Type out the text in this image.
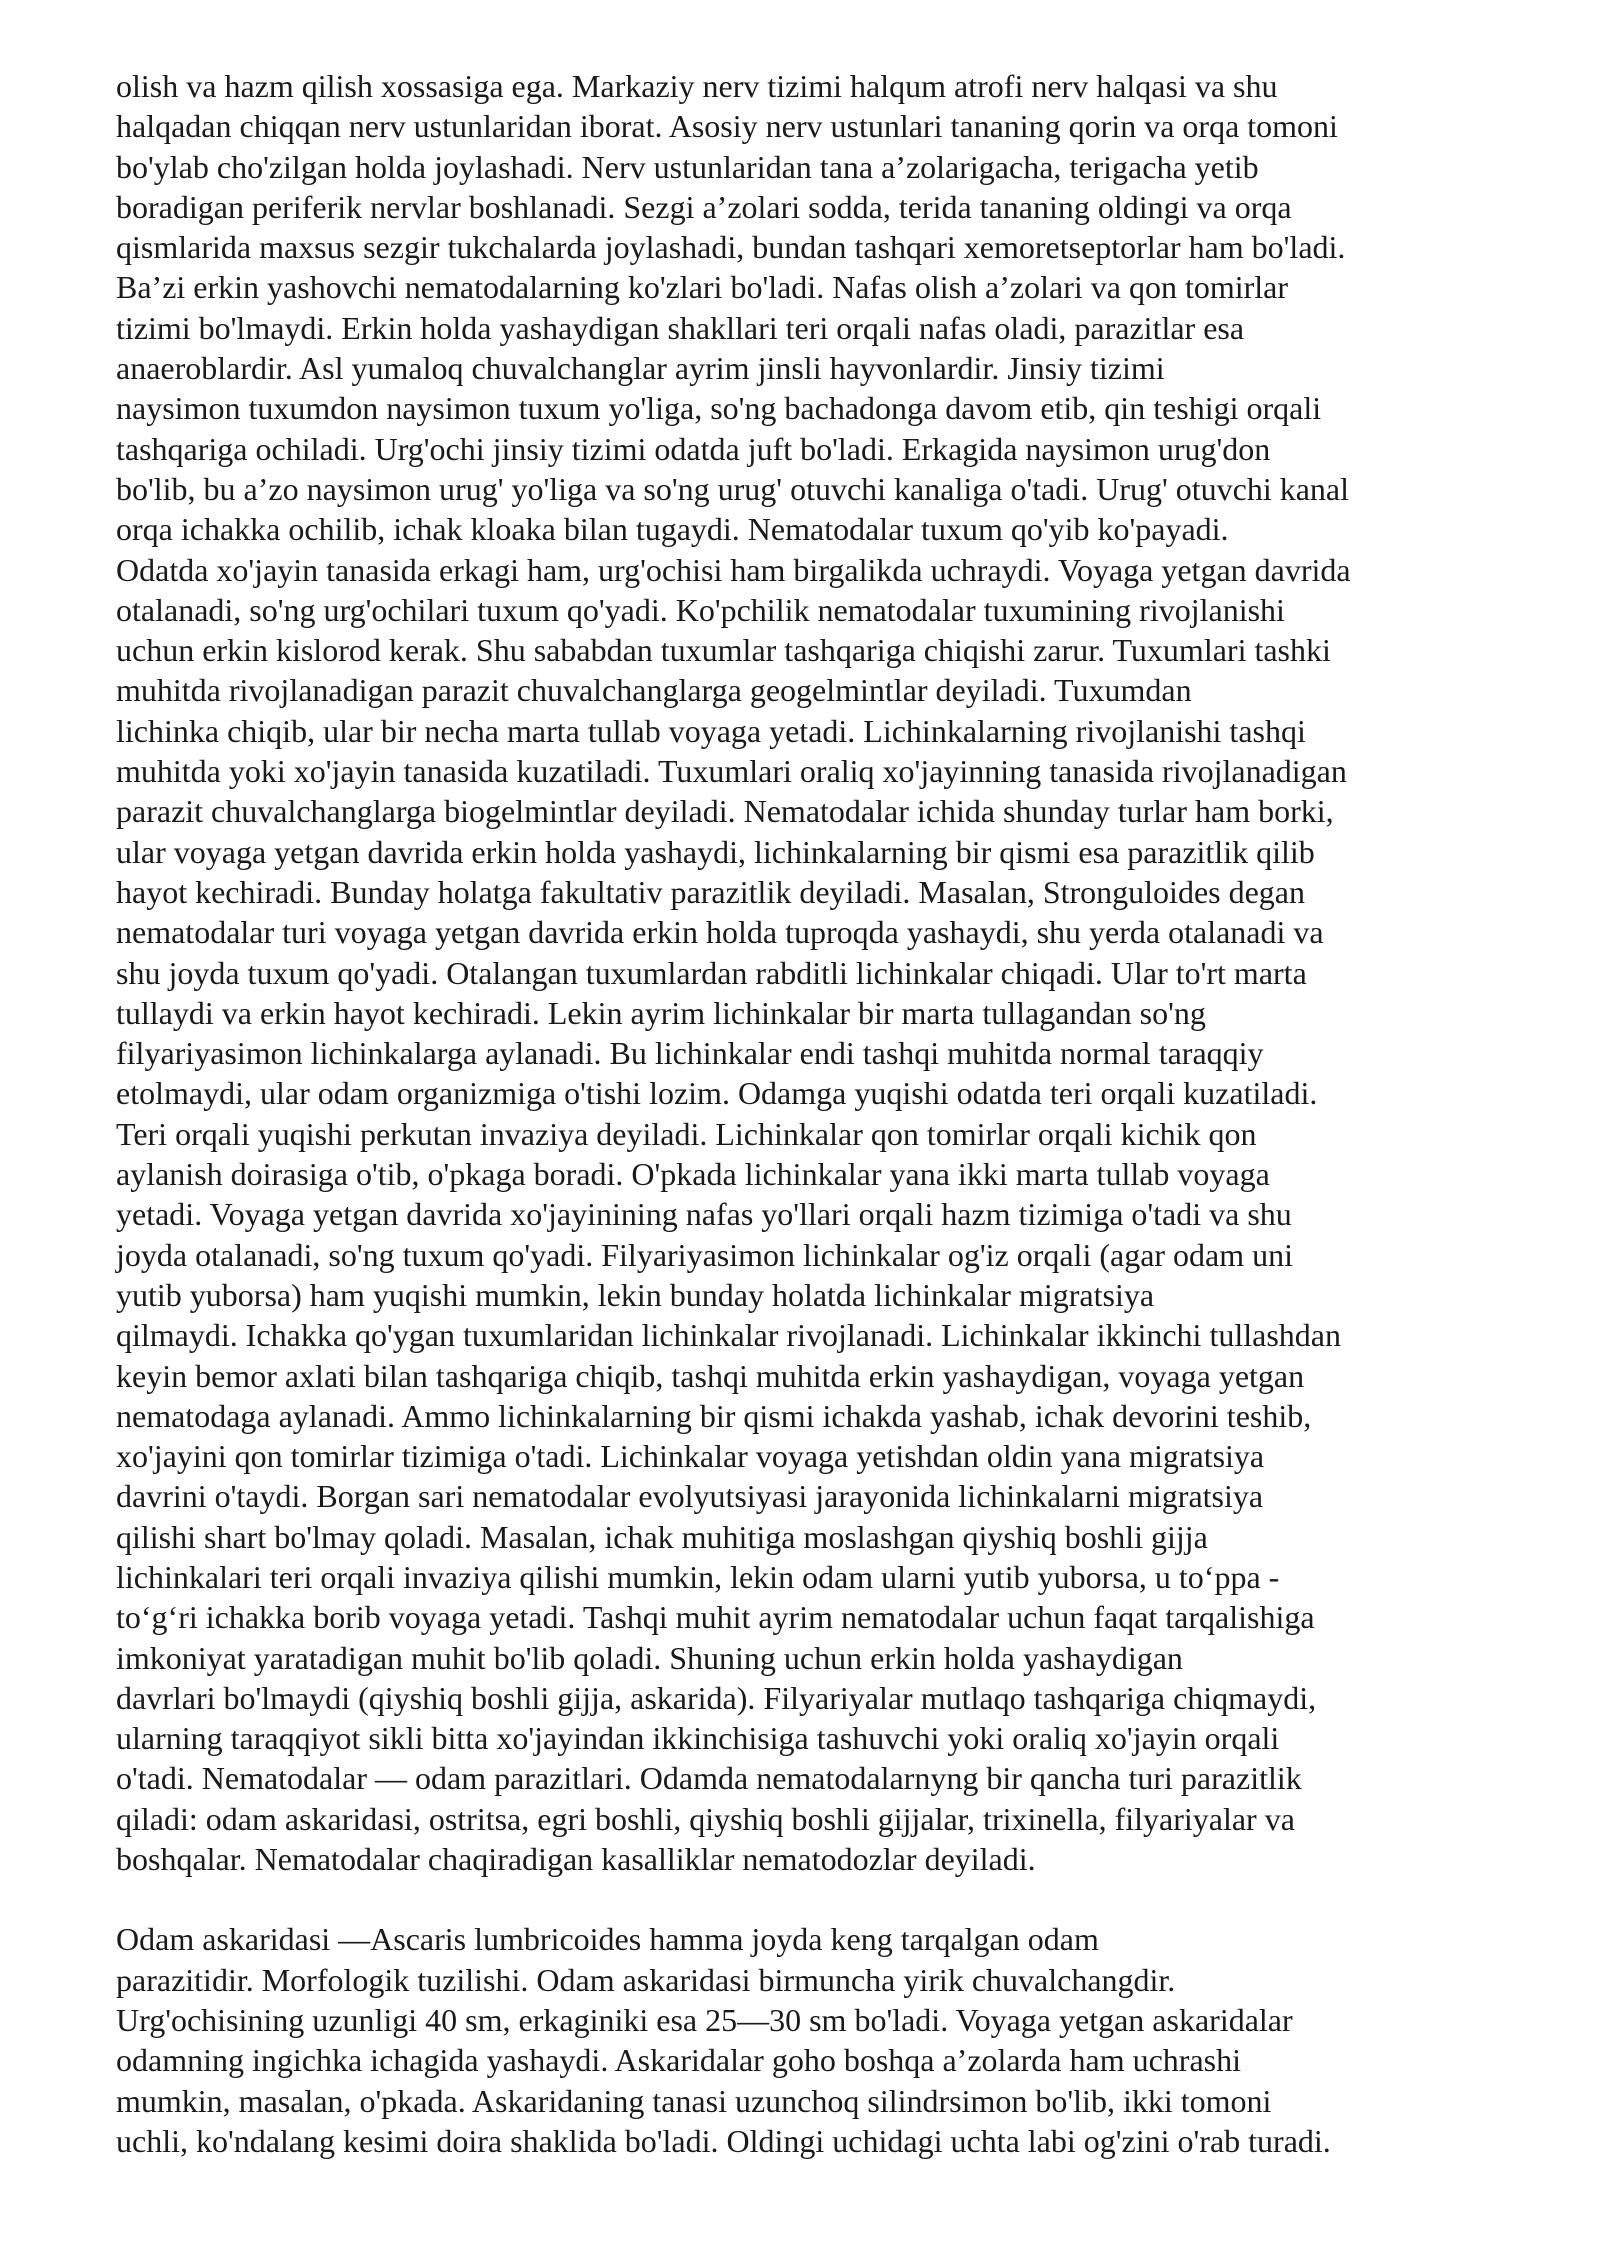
olish va hazm qilish xossasiga ega. Markaziy nerv tizimi halqum atrofi nerv halqasi va shu
halqadan chiqqan nerv ustunlaridan iborat. Asosiy nerv ustunlari tananing qorin va orqa tomoni
bo'ylab cho'zilgan holda joylashadi. Nerv ustunlaridan tana a’zolarigacha, terigacha yetib
boradigan periferik nervlar boshlanadi. Sezgi a’zolari sodda, terida tananing oldingi va orqa
qismlarida maxsus sezgir tukchalarda joylashadi, bundan tashqari xemoretseptorlar ham bo'ladi.
Ba’zi erkin yashovchi nematodalarning ko'zlari bo'ladi. Nafas olish a’zolari va qon tomirlar
tizimi bo'lmaydi. Erkin holda yashaydigan shakllari teri orqali nafas oladi, parazitlar esa
anaeroblardir. Asl yumaloq chuvalchanglar ayrim jinsli hayvonlardir. Jinsiy tizimi
naysimon tuxumdon naysimon tuxum yo'liga, so'ng bachadonga davom etib, qin teshigi orqali
tashqariga ochiladi. Urg'ochi jinsiy tizimi odatda juft bo'ladi. Erkagida naysimon urug'don
bo'lib, bu a’zo naysimon urug' yo'liga va so'ng urug' otuvchi kanaliga o'tadi. Urug' otuvchi kanal
orqa ichakka ochilib, ichak kloaka bilan tugaydi. Nematodalar tuxum qo'yib ko'payadi.
Odatda xo'jayin tanasida erkagi ham, urg'ochisi ham birgalikda uchraydi. Voyaga yetgan davrida
otalanadi, so'ng urg'ochilari tuxum qo'yadi. Ko'pchilik nematodalar tuxumining rivojlanishi
uchun erkin kislorod kerak. Shu sababdan tuxumlar tashqariga chiqishi zarur. Tuxumlari tashki
muhitda rivojlanadigan parazit chuvalchanglarga geogelmintlar deyiladi. Tuxumdan
lichinka chiqib, ular bir necha marta tullab voyaga yetadi. Lichinkalarning rivojlanishi tashqi
muhitda yoki xo'jayin tanasida kuzatiladi. Tuxumlari oraliq xo'jayinning tanasida rivojlanadigan
parazit chuvalchanglarga biogelmintlar deyiladi. Nematodalar ichida shunday turlar ham borki,
ular voyaga yetgan davrida erkin holda yashaydi, lichinkalarning bir qismi esa parazitlik qilib
hayot kechiradi. Bunday holatga fakultativ parazitlik deyiladi. Masalan, Stronguloides degan
nematodalar turi voyaga yetgan davrida erkin holda tuproqda yashaydi, shu yerda otalanadi va
shu joyda tuxum qo'yadi. Otalangan tuxumlardan rabditli lichinkalar chiqadi. Ular to'rt marta
tullaydi va erkin hayot kechiradi. Lekin ayrim lichinkalar bir marta tullagandan so'ng
filyariyasimon lichinkalarga aylanadi. Bu lichinkalar endi tashqi muhitda normal taraqqiy
etolmaydi, ular odam organizmiga o'tishi lozim. Odamga yuqishi odatda teri orqali kuzatiladi.
Teri orqali yuqishi perkutan invaziya deyiladi. Lichinkalar qon tomirlar orqali kichik qon
aylanish doirasiga o'tib, o'pkaga boradi. O'pkada lichinkalar yana ikki marta tullab voyaga
yetadi. Voyaga yetgan davrida xo'jayinining nafas yo'llari orqali hazm tizimiga o'tadi va shu
joyda otalanadi, so'ng tuxum qo'yadi. Filyariyasimon lichinkalar og'iz orqali (agar odam uni
yutib yuborsa) ham yuqishi mumkin, lekin bunday holatda lichinkalar migratsiya
qilmaydi. Ichakka qo'ygan tuxumlaridan lichinkalar rivojlanadi. Lichinkalar ikkinchi tullashdan
keyin bemor axlati bilan tashqariga chiqib, tashqi muhitda erkin yashaydigan, voyaga yetgan
nematodaga aylanadi. Ammo lichinkalarning bir qismi ichakda yashab, ichak devorini teshib,
xo'jayini qon tomirlar tizimiga o'tadi. Lichinkalar voyaga yetishdan oldin yana migratsiya
davrini o'taydi. Borgan sari nematodalar evolyutsiyasi jarayonida lichinkalarni migratsiya
qilishi shart bo'lmay qoladi. Masalan, ichak muhitiga moslashgan qiyshiq boshli gijja
lichinkalari teri orqali invaziya qilishi mumkin, lekin odam ularni yutib yuborsa, u to‘ppa -
to‘g‘ri ichakka borib voyaga yetadi. Tashqi muhit ayrim nematodalar uchun faqat tarqalishiga
imkoniyat yaratadigan muhit bo'lib qoladi. Shuning uchun erkin holda yashaydigan
davrlari bo'lmaydi (qiyshiq boshli gijja, askarida). Filyariyalar mutlaqo tashqariga chiqmaydi,
ularning taraqqiyot sikli bitta xo'jayindan ikkinchisiga tashuvchi yoki oraliq xo'jayin orqali
o'tadi. Nematodalar — odam parazitlari. Odamda nematodalarnyng bir qancha turi parazitlik
qiladi: odam askaridasi, ostritsa, egri boshli, qiyshiq boshli gijjalar, trixinella, filyariyalar va
boshqalar. Nematodalar chaqiradigan kasalliklar nematodozlar deyiladi.
Odam askaridasi —Ascaris lumbricoides hamma joyda keng tarqalgan odam
parazitidir. Morfologik tuzilishi. Odam askaridasi birmuncha yirik chuvalchangdir.
Urg'ochisining uzunligi 40 sm, erkaginiki esa 25—30 sm bo'ladi. Voyaga yetgan askaridalar
odamning ingichka ichagida yashaydi. Askaridalar goho boshqa a’zolarda ham uchrashi
mumkin, masalan, o'pkada. Askaridaning tanasi uzunchoq silindrsimon bo'lib, ikki tomoni
uchli, ko'ndalang kesimi doira shaklida bo'ladi. Oldingi uchidagi uchta labi og'zini o'rab turadi.
